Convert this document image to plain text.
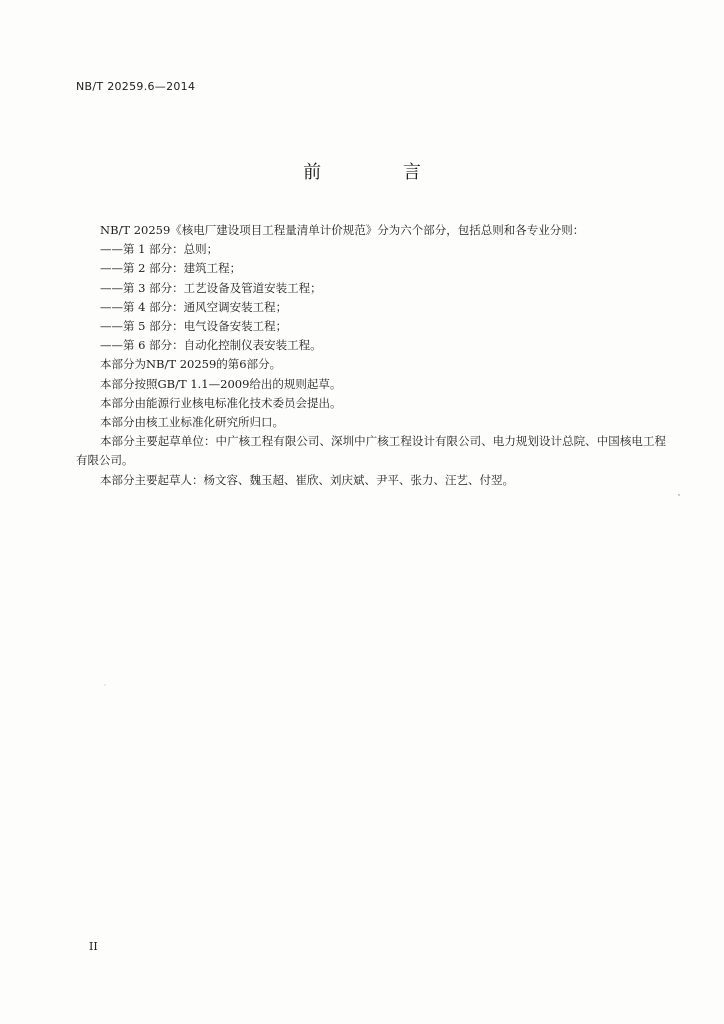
NB/T 20259.6—2014
前 言

NB/T 20259《核电厂建设项目工程量清单计价规范》分为六个部分，包括总则和各专业分则：

——第 1 部分：总则；

——第 2 部分：建筑工程；

——第 3 部分：工艺设备及管道安装工程；

——第 4 部分：通风空调安装工程；

——第 5 部分：电气设备安装工程；

——第 6 部分：自动化控制仪表安装工程。

本部分为NB/T 20259的第6部分。

本部分按照GB/T 1.1—2009给出的规则起草。

本部分由能源行业核电标准化技术委员会提出。

本部分由核工业标准化研究所归口。

本部分主要起草单位：中广核工程有限公司、深圳中广核工程设计有限公司、电力规划设计总院、中国核电工程有限公司。

本部分主要起草人：杨文容、魏玉超、崔欣、刘庆斌、尹平、张力、汪艺、付翌。

II
